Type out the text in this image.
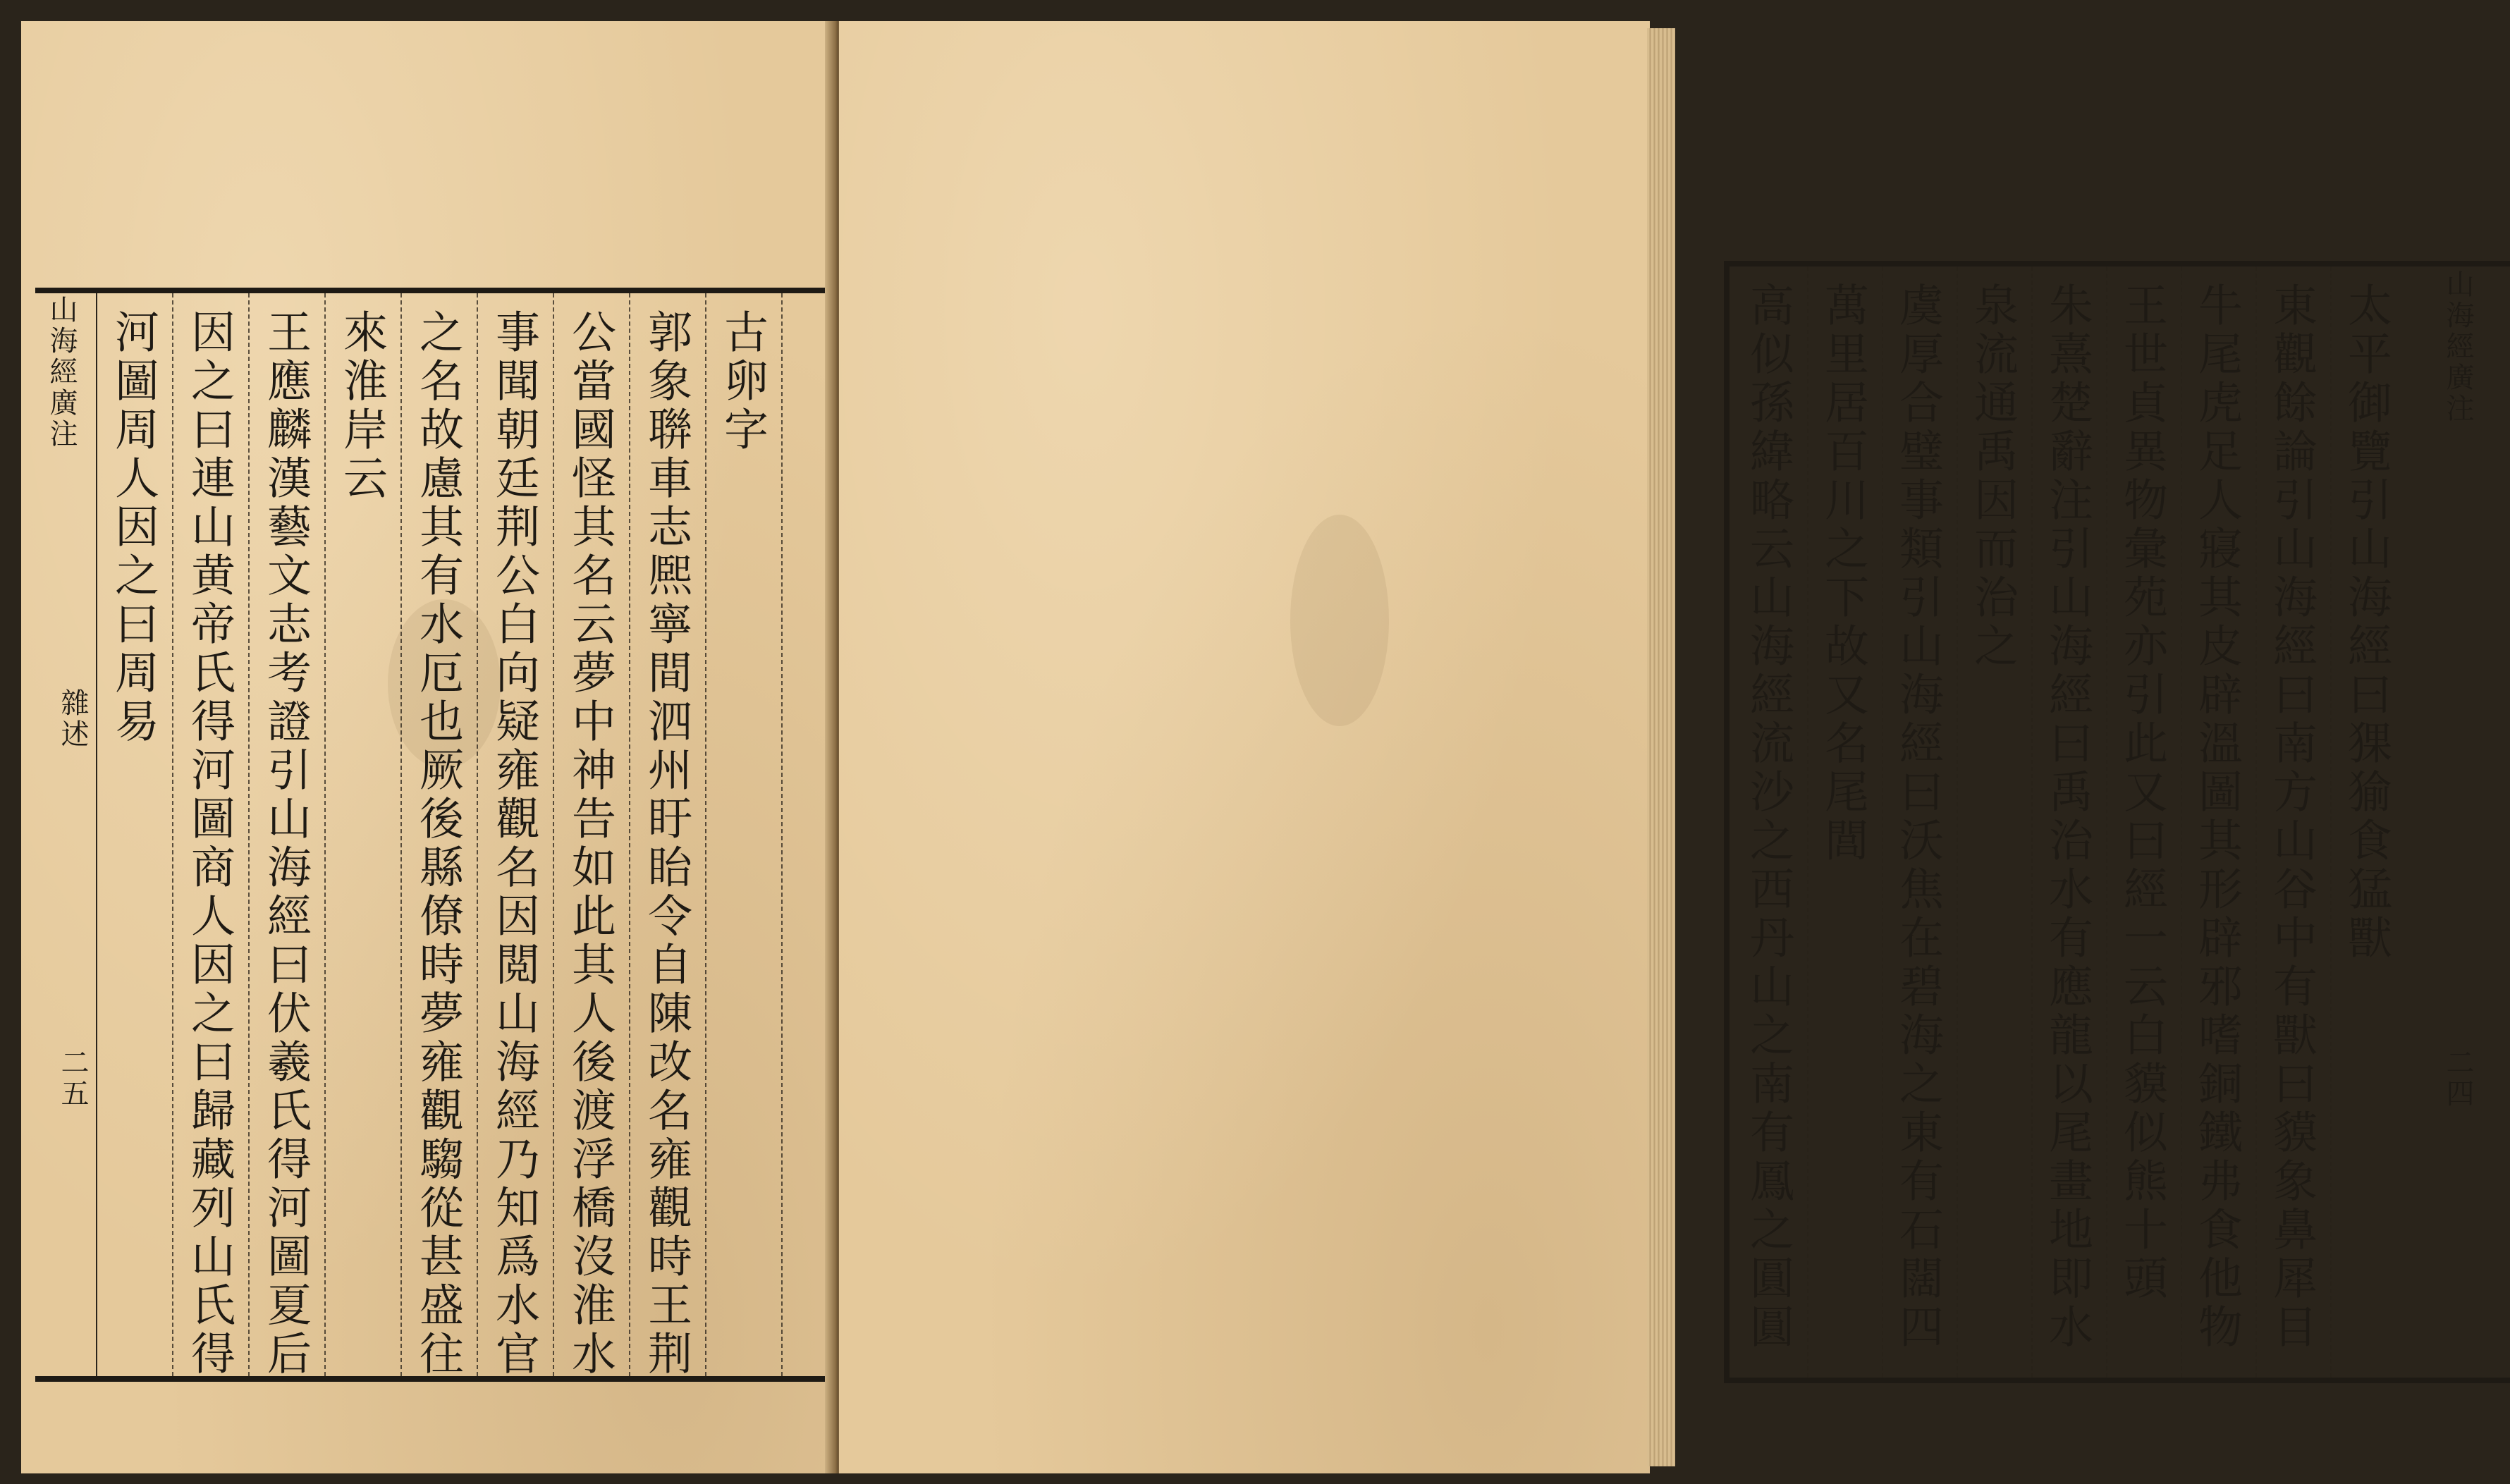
山海經廣注
雜述
二五
古卵字
郭象聨車志熈寧間泗州盱眙令自陳改名雍觀時王荆
公當國怪其名云夢中神告如此其人後渡浮橋沒淮水
事聞朝廷荆公白向疑雍觀名因閲山海經乃知爲水官
之名故慮其有水厄也厥後縣僚時夢雍觀騶從甚盛往
來淮岸云
王應麟漢藝文志考證引山海經曰伏羲氏得河圖夏后
因之曰連山黄帝氏得河圖商人因之曰歸藏列山氏得
河圖周人因之曰周易	山海經廣注
二四
太平御覽引山海經曰猓㺄食猛獸
東觀餘論引山海經曰南方山谷中有獸曰貘象鼻犀目
牛尾虎足人寢其皮辟溫圖其形辟邪嗜銅鐵弗食他物
王世貞異物彙苑亦引此又曰經一云白貘似熊十頭
朱熹楚辭注引山海經曰禹治水有應龍以尾畫地即水
泉流通禹因而治之
虞厚合璧事類引山海經曰沃焦在碧海之東有石闊四
萬里居百川之下故又名尾閭
高似孫緯略云山海經流沙之西丹山之南有鳳之圓圓
